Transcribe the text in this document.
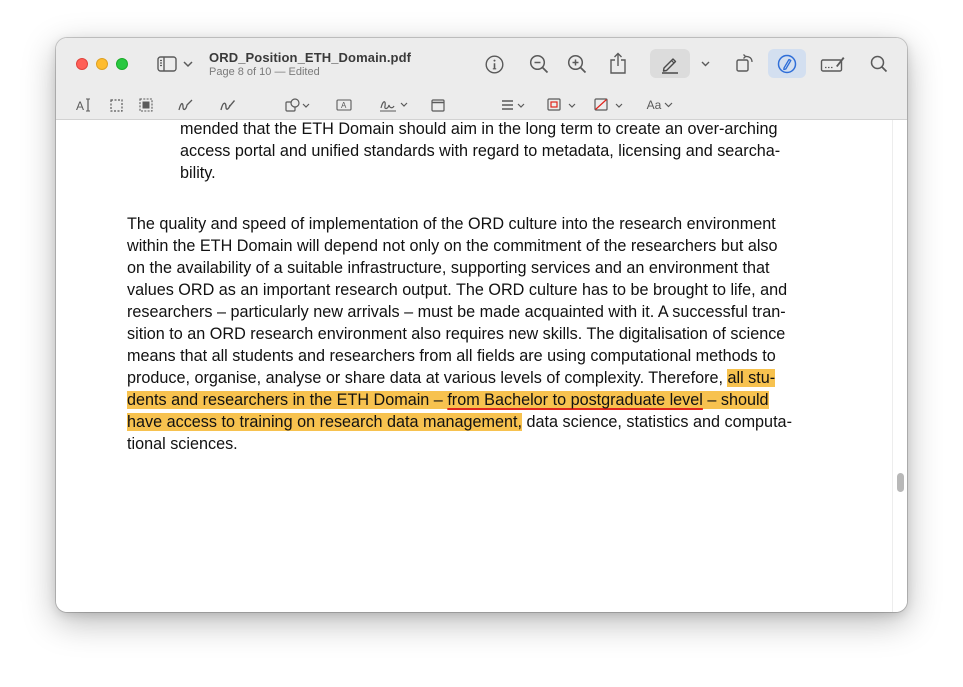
ORD_Position_ETH_Domain.pdf
Page 8 of 10 — Edited
A	A	Aa
mended that the ETH Domain should aim in the long term to create an over-arching
access portal and unified standards with regard to metadata, licensing and searcha-
bility.
The quality and speed of implementation of the ORD culture into the research environment
within the ETH Domain will depend not only on the commitment of the researchers but also
on the availability of a suitable infrastructure, supporting services and an environment that
values ORD as an important research output. The ORD culture has to be brought to life, and
researchers – particularly new arrivals – must be made acquainted with it. A successful tran-
sition to an ORD research environment also requires new skills. The digitalisation of science
means that all students and researchers from all fields are using computational methods to
produce, organise, analyse or share data at various levels of complexity. Therefore, all stu-
dents and researchers in the ETH Domain – from Bachelor to postgraduate level – should
have access to training on research data management, data science, statistics and computa-
tional sciences.
